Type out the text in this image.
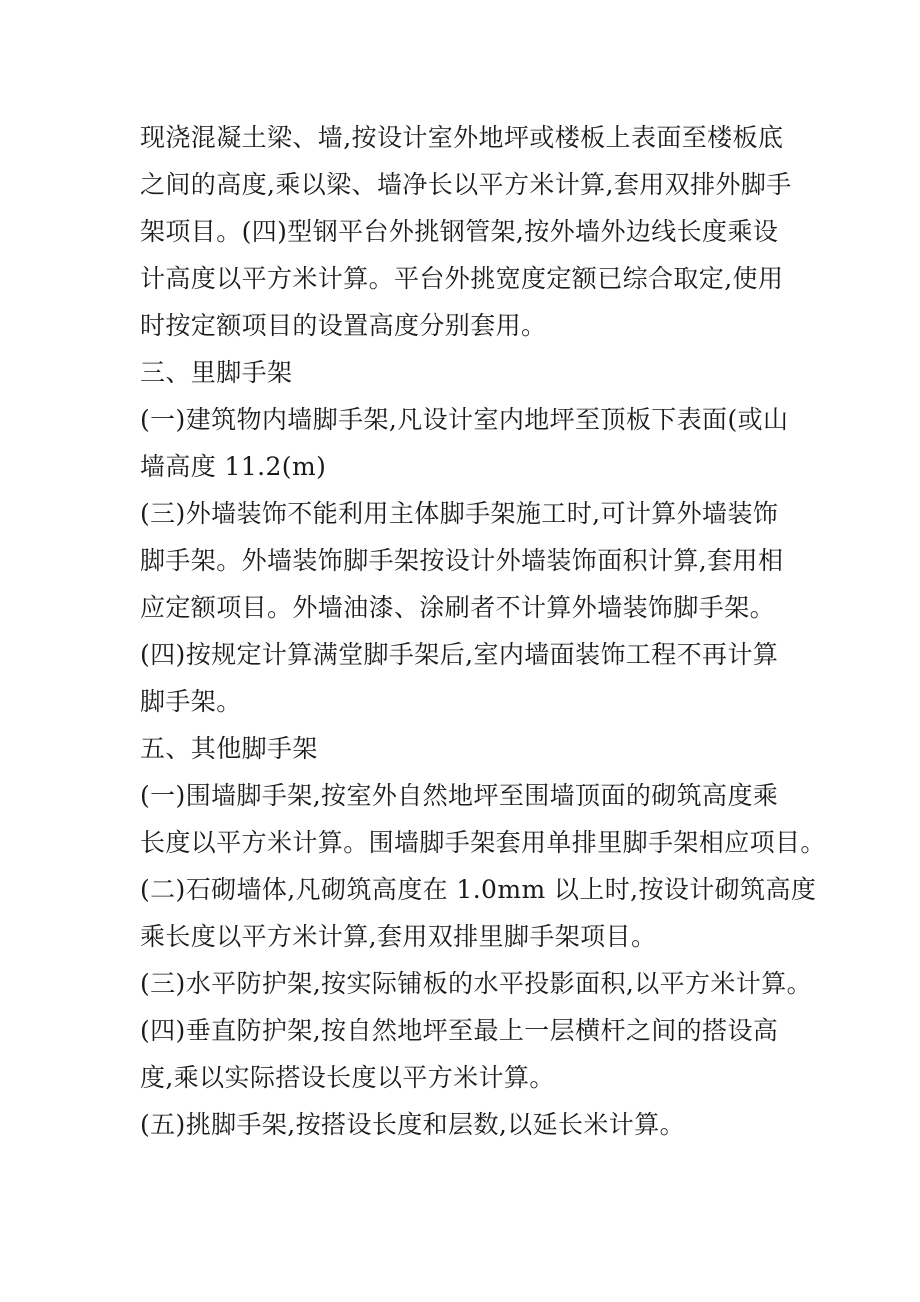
现浇混凝土梁、墙,按设计室外地坪或楼板上表面至楼板底
之间的高度,乘以梁、墙净长以平方米计算,套用双排外脚手
架项目。(四)型钢平台外挑钢管架,按外墙外边线长度乘设
计高度以平方米计算。平台外挑宽度定额已综合取定,使用
时按定额项目的设置高度分别套用。
三、里脚手架
(一)建筑物内墙脚手架,凡设计室内地坪至顶板下表面(或山
墙高度 11.2(m)
(三)外墙装饰不能利用主体脚手架施工时,可计算外墙装饰
脚手架。外墙装饰脚手架按设计外墙装饰面积计算,套用相
应定额项目。外墙油漆、涂刷者不计算外墙装饰脚手架。
(四)按规定计算满堂脚手架后,室内墙面装饰工程不再计算
脚手架。
五、其他脚手架
(一)围墙脚手架,按室外自然地坪至围墙顶面的砌筑高度乘
长度以平方米计算。围墙脚手架套用单排里脚手架相应项目。
(二)石砌墙体,凡砌筑高度在 1.0mm 以上时,按设计砌筑高度
乘长度以平方米计算,套用双排里脚手架项目。
(三)水平防护架,按实际铺板的水平投影面积,以平方米计算。
(四)垂直防护架,按自然地坪至最上一层横杆之间的搭设高
度,乘以实际搭设长度以平方米计算。
(五)挑脚手架,按搭设长度和层数,以延长米计算。
